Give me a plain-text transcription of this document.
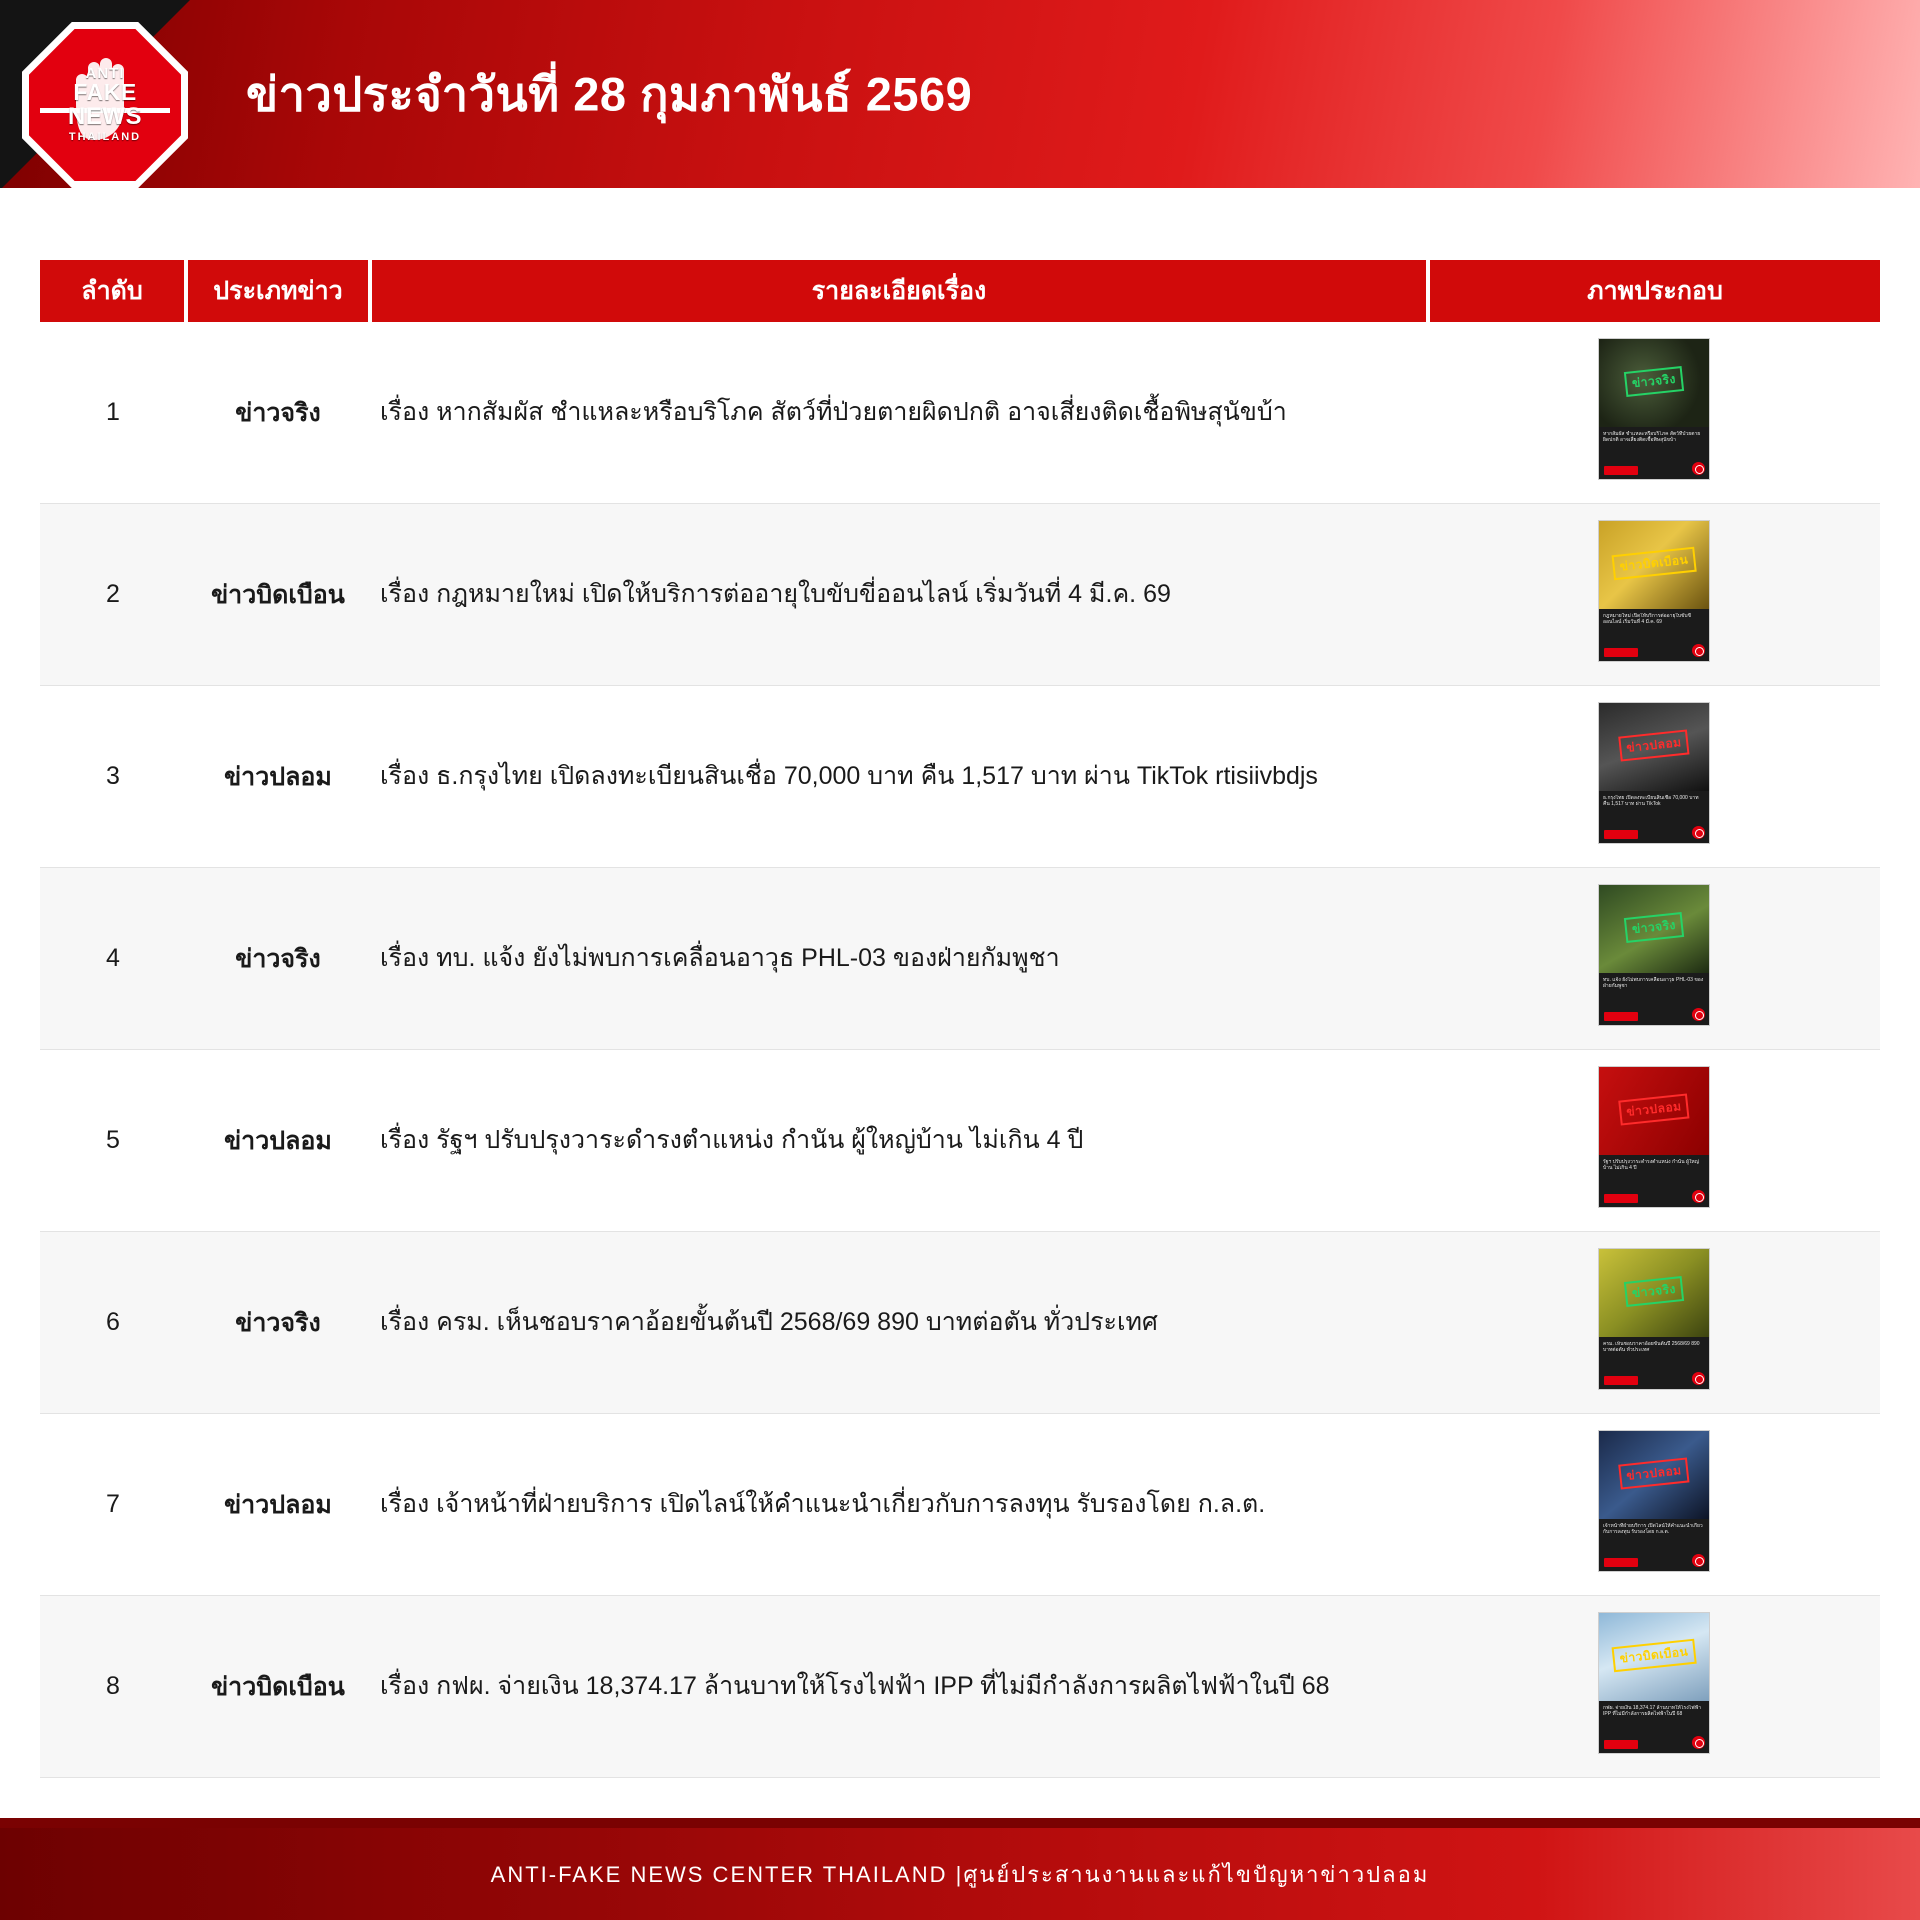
ANTI
FAKE
NEWS
THAILAND
ข่าวประจำวันที่ 28 กุมภาพันธ์ 2569
ลำดับ	ประเภทข่าว	รายละเอียดเรื่อง	ภาพประกอบ
1	ข่าวจริง	เรื่อง หากสัมผัส ชำแหละหรือบริโภค สัตว์ที่ป่วยตายผิดปกติ อาจเสี่ยงติดเชื้อพิษสุนัขบ้า	ข่าวจริง
หากสัมผัส ชำแหละหรือบริโภค สัตว์ที่ป่วยตายผิดปกติ อาจเสี่ยงติดเชื้อพิษสุนัขบ้า

2	ข่าวบิดเบือน	เรื่อง กฎหมายใหม่ เปิดให้บริการต่ออายุใบขับขี่ออนไลน์ เริ่มวันที่ 4 มี.ค. 69	ข่าวบิดเบือน
กฎหมายใหม่ เปิดให้บริการต่ออายุใบขับขี่ออนไลน์ เริ่มวันที่ 4 มี.ค. 69

3	ข่าวปลอม	เรื่อง ธ.กรุงไทย เปิดลงทะเบียนสินเชื่อ 70,000 บาท คืน 1,517 บาท ผ่าน TikTok rtisiivbdjs	ข่าวปลอม
ธ.กรุงไทย เปิดลงทะเบียนสินเชื่อ 70,000 บาท คืน 1,517 บาท ผ่าน TikTok

4	ข่าวจริง	เรื่อง ทบ. แจ้ง ยังไม่พบการเคลื่อนอาวุธ PHL-03 ของฝ่ายกัมพูชา	ข่าวจริง
ทบ. แจ้ง ยังไม่พบการเคลื่อนอาวุธ PHL-03 ของฝ่ายกัมพูชา

5	ข่าวปลอม	เรื่อง รัฐฯ ปรับปรุงวาระดำรงตำแหน่ง กำนัน ผู้ใหญ่บ้าน ไม่เกิน 4 ปี	ข่าวปลอม
รัฐฯ ปรับปรุงวาระดำรงตำแหน่ง กำนัน ผู้ใหญ่บ้าน ไม่เกิน 4 ปี

6	ข่าวจริง	เรื่อง ครม. เห็นชอบราคาอ้อยขั้นต้นปี 2568/69 890 บาทต่อตัน ทั่วประเทศ	ข่าวจริง
ครม. เห็นชอบราคาอ้อยขั้นต้นปี 2568/69 890 บาทต่อตัน ทั่วประเทศ

7	ข่าวปลอม	เรื่อง เจ้าหน้าที่ฝ่ายบริการ เปิดไลน์ให้คำแนะนำเกี่ยวกับการลงทุน รับรองโดย ก.ล.ต.	ข่าวปลอม
เจ้าหน้าที่ฝ่ายบริการ เปิดไลน์ให้คำแนะนำเกี่ยวกับการลงทุน รับรองโดย ก.ล.ต.

8	ข่าวบิดเบือน	เรื่อง กฟผ. จ่ายเงิน 18,374.17 ล้านบาทให้โรงไฟฟ้า IPP ที่ไม่มีกำลังการผลิตไฟฟ้าในปี 68	ข่าวบิดเบือน
กฟผ. จ่ายเงิน 18,374.17 ล้านบาทให้โรงไฟฟ้า IPP ที่ไม่มีกำลังการผลิตไฟฟ้าในปี 68
ANTI-FAKE NEWS CENTER THAILAND |ศูนย์ประสานงานและแก้ไขปัญหาข่าวปลอม
